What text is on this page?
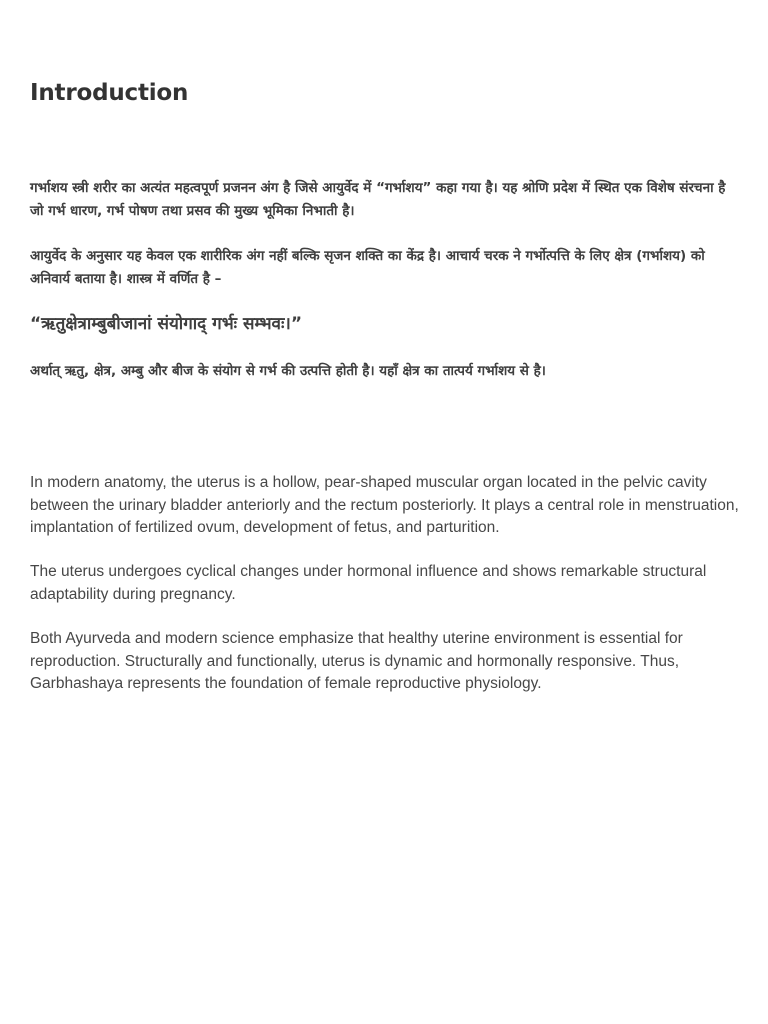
Introduction

गर्भाशय स्त्री शरीर का अत्यंत महत्वपूर्ण प्रजनन अंग है जिसे आयुर्वेद में “गर्भाशय” कहा गया है। यह श्रोणि प्रदेश में स्थित एक विशेष संरचना है जो गर्भ धारण, गर्भ पोषण तथा प्रसव की मुख्य भूमिका निभाती है।

आयुर्वेद के अनुसार यह केवल एक शारीरिक अंग नहीं बल्कि सृजन शक्ति का केंद्र है। आचार्य चरक ने गर्भोत्पत्ति के लिए क्षेत्र (गर्भाशय) को अनिवार्य बताया है। शास्त्र में वर्णित है –

“ऋतुक्षेत्राम्बुबीजानां संयोगाद् गर्भः सम्भवः।”

अर्थात् ऋतु, क्षेत्र, अम्बु और बीज के संयोग से गर्भ की उत्पत्ति होती है। यहाँ क्षेत्र का तात्पर्य गर्भाशय से है।

In modern anatomy, the uterus is a hollow, pear-shaped muscular organ located in the pelvic cavity between the urinary bladder anteriorly and the rectum posteriorly. It plays a central role in menstruation, implantation of fertilized ovum, development of fetus, and parturition.

The uterus undergoes cyclical changes under hormonal influence and shows remarkable structural adaptability during pregnancy.

Both Ayurveda and modern science emphasize that healthy uterine environment is essential for reproduction. Structurally and functionally, uterus is dynamic and hormonally responsive. Thus, Garbhashaya represents the foundation of female reproductive physiology.
